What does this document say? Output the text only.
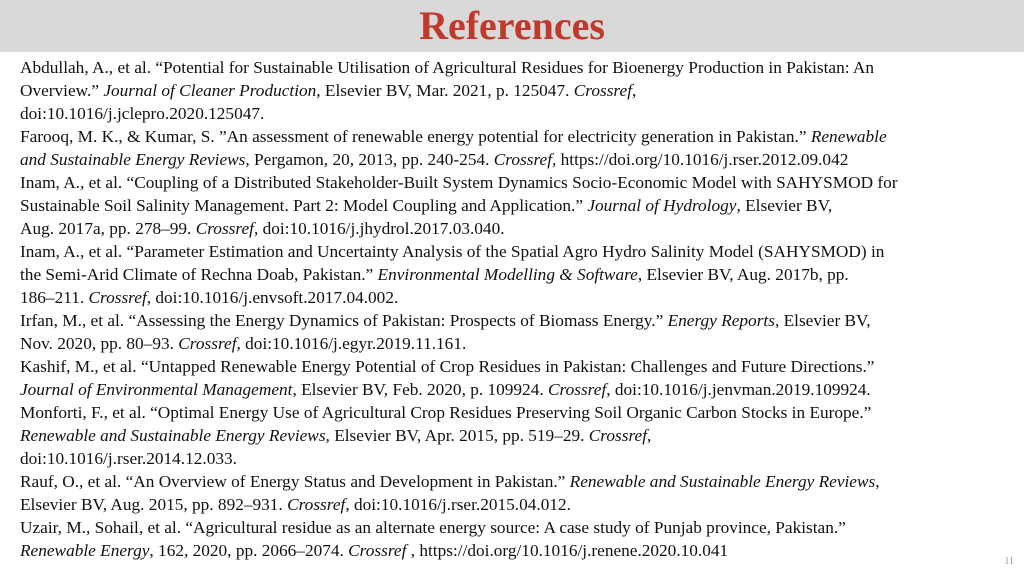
References
Abdullah, A., et al. “Potential for Sustainable Utilisation of Agricultural Residues for Bioenergy Production in Pakistan: An
Overview.” Journal of Cleaner Production, Elsevier BV, Mar. 2021, p. 125047. Crossref,
doi:10.1016/j.jclepro.2020.125047.
Farooq, M. K., & Kumar, S. ”An assessment of renewable energy potential for electricity generation in Pakistan.” Renewable
and Sustainable Energy Reviews, Pergamon, 20, 2013, pp. 240-254. Crossref, https://doi.org/10.1016/j.rser.2012.09.042
Inam, A., et al. “Coupling of a Distributed Stakeholder-Built System Dynamics Socio-Economic Model with SAHYSMOD for
Sustainable Soil Salinity Management. Part 2: Model Coupling and Application.” Journal of Hydrology, Elsevier BV,
Aug. 2017a, pp. 278–99. Crossref, doi:10.1016/j.jhydrol.2017.03.040.
Inam, A., et al. “Parameter Estimation and Uncertainty Analysis of the Spatial Agro Hydro Salinity Model (SAHYSMOD) in
the Semi-Arid Climate of Rechna Doab, Pakistan.” Environmental Modelling & Software, Elsevier BV, Aug. 2017b, pp.
186–211. Crossref, doi:10.1016/j.envsoft.2017.04.002.
Irfan, M., et al. “Assessing the Energy Dynamics of Pakistan: Prospects of Biomass Energy.” Energy Reports, Elsevier BV,
Nov. 2020, pp. 80–93. Crossref, doi:10.1016/j.egyr.2019.11.161.
Kashif, M., et al. “Untapped Renewable Energy Potential of Crop Residues in Pakistan: Challenges and Future Directions.”
Journal of Environmental Management, Elsevier BV, Feb. 2020, p. 109924. Crossref, doi:10.1016/j.jenvman.2019.109924.
Monforti, F., et al. “Optimal Energy Use of Agricultural Crop Residues Preserving Soil Organic Carbon Stocks in Europe.”
Renewable and Sustainable Energy Reviews, Elsevier BV, Apr. 2015, pp. 519–29. Crossref,
doi:10.1016/j.rser.2014.12.033.
Rauf, O., et al. “An Overview of Energy Status and Development in Pakistan.” Renewable and Sustainable Energy Reviews,
Elsevier BV, Aug. 2015, pp. 892–931. Crossref, doi:10.1016/j.rser.2015.04.012.
Uzair, M., Sohail, et al. “Agricultural residue as an alternate energy source: A case study of Punjab province, Pakistan.”
Renewable Energy, 162, 2020, pp. 2066–2074. Crossref , https://doi.org/10.1016/j.renene.2020.10.041
11
